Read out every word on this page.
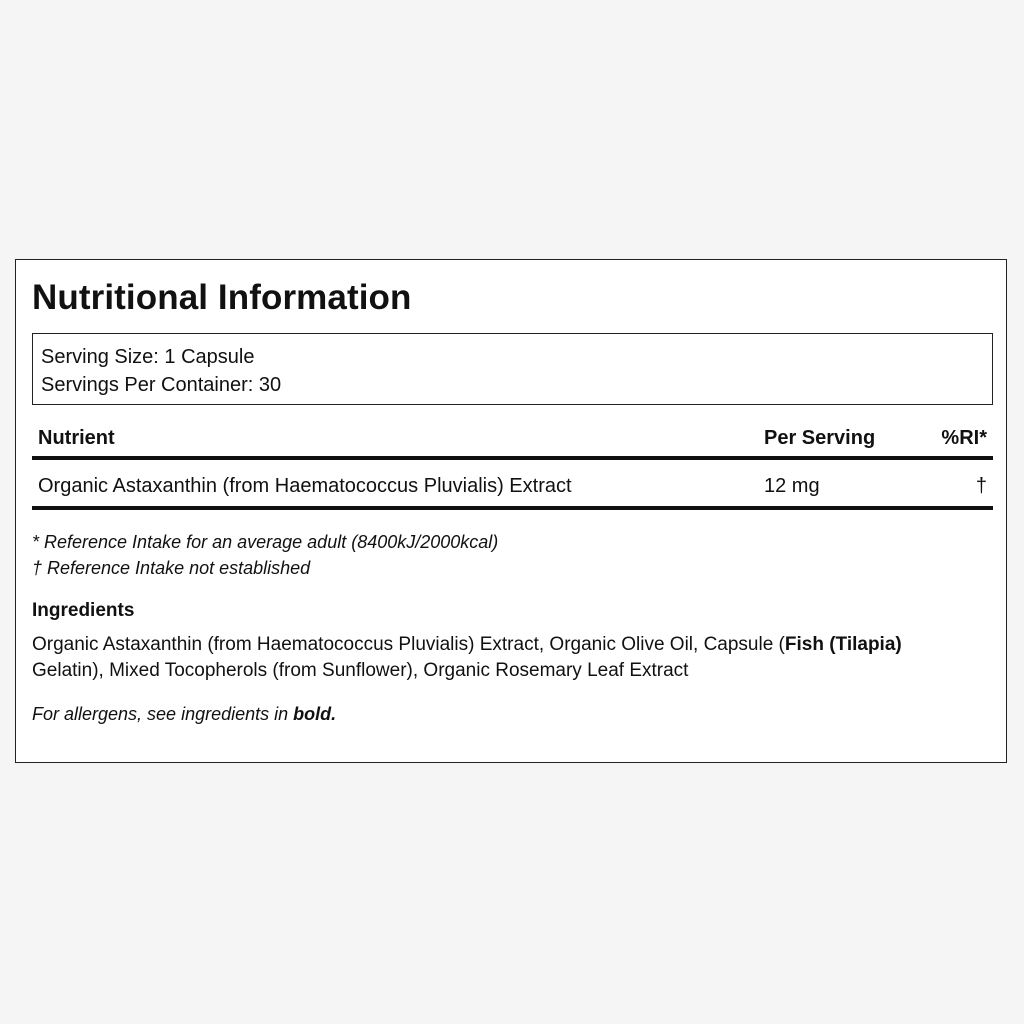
Nutritional Information
Serving Size: 1 Capsule
Servings Per Container: 30
Nutrient	Per Serving	%RI*
Organic Astaxanthin (from Haematococcus Pluvialis) Extract	12 mg	†
* Reference Intake for an average adult (8400kJ/2000kcal)
† Reference Intake not established
Ingredients
Organic Astaxanthin (from Haematococcus Pluvialis) Extract, Organic Olive Oil, Capsule (Fish (Tilapia) Gelatin), Mixed Tocopherols (from Sunflower), Organic Rosemary Leaf Extract
For allergens, see ingredients in bold.
